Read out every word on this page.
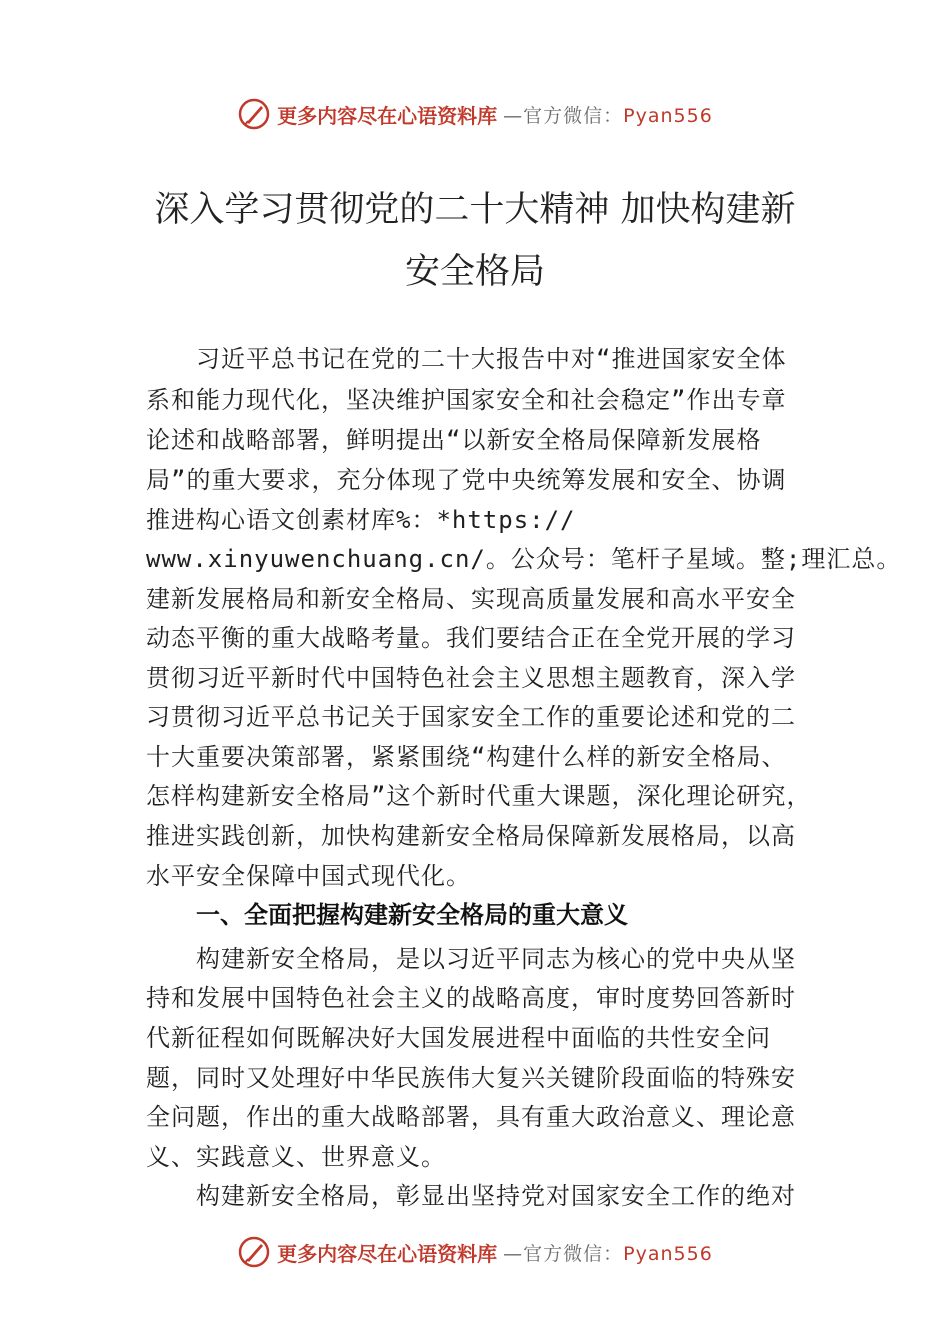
更多内容尽在心语资料库 —官方微信：Pyan556
深入学习贯彻党的二十大精神 加快构建新
安全格局
　　习近平总书记在党的二十大报告中对“推进国家安全体
系和能力现代化，坚决维护国家安全和社会稳定”作出专章
论述和战略部署，鲜明提出“以新安全格局保障新发展格
局”的重大要求，充分体现了党中央统筹发展和安全、协调
推进构心语文创素材库%：*https://
www.xinyuwenchuang.cn/。公众号：笔杆子星域。整;理汇总。
建新发展格局和新安全格局、实现高质量发展和高水平安全
动态平衡的重大战略考量。我们要结合正在全党开展的学习
贯彻习近平新时代中国特色社会主义思想主题教育，深入学
习贯彻习近平总书记关于国家安全工作的重要论述和党的二
十大重要决策部署，紧紧围绕“构建什么样的新安全格局、
怎样构建新安全格局”这个新时代重大课题，深化理论研究，
推进实践创新，加快构建新安全格局保障新发展格局，以高
水平安全保障中国式现代化。
一、全面把握构建新安全格局的重大意义
　　构建新安全格局，是以习近平同志为核心的党中央从坚
持和发展中国特色社会主义的战略高度，审时度势回答新时
代新征程如何既解决好大国发展进程中面临的共性安全问
题，同时又处理好中华民族伟大复兴关键阶段面临的特殊安
全问题，作出的重大战略部署，具有重大政治意义、理论意
义、实践意义、世界意义。
　　构建新安全格局，彰显出坚持党对国家安全工作的绝对
更多内容尽在心语资料库 —官方微信：Pyan556
